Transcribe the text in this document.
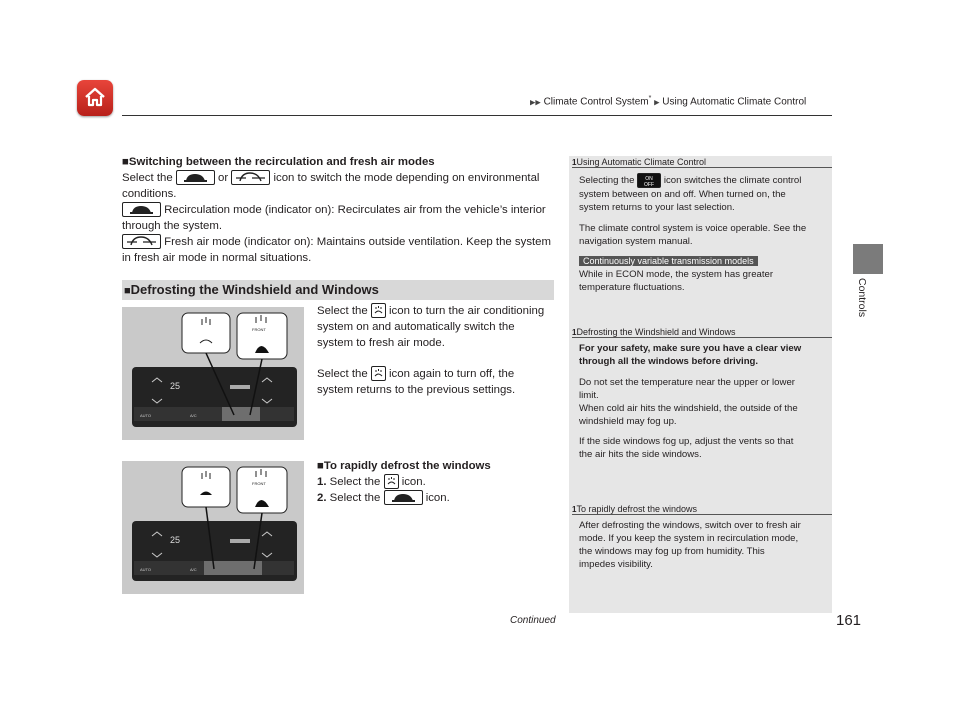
▶▶ Climate Control System* ▶ Using Automatic Climate Control
Controls
■Switching between the recirculation and fresh air modes
Select the	or	icon to switch the mode depending on environmental
conditions.
Recirculation mode (indicator on): Recirculates air from the vehicle’s interior
through the system.
Fresh air mode (indicator on): Maintains outside ventilation. Keep the system
in fresh air mode in normal situations.
■Defrosting the Windshield and Windows
25
AUTO	A/C
FRONT
Select the icon to turn the air conditioning
system on and automatically switch the
system to fresh air mode.
Select the icon again to turn off, the
system returns to the previous settings.
25
AUTO	A/C
FRONT
■To rapidly defrost the windows
1. Select the icon.
2. Select the	icon.
1Using Automatic Climate Control
Selecting the ON
OFF icon switches the climate control
system between on and off. When turned on, the
system returns to your last selection.
The climate control system is voice operable. See the
navigation system manual.
Continuously variable transmission models
While in ECON mode, the system has greater
temperature fluctuations.
1Defrosting the Windshield and Windows
For your safety, make sure you have a clear view
through all the windows before driving.
Do not set the temperature near the upper or lower
limit.
When cold air hits the windshield, the outside of the
windshield may fog up.
If the side windows fog up, adjust the vents so that
the air hits the side windows.
1To rapidly defrost the windows
After defrosting the windows, switch over to fresh air
mode. If you keep the system in recirculation mode,
the windows may fog up from humidity. This
impedes visibility.
Continued	161
